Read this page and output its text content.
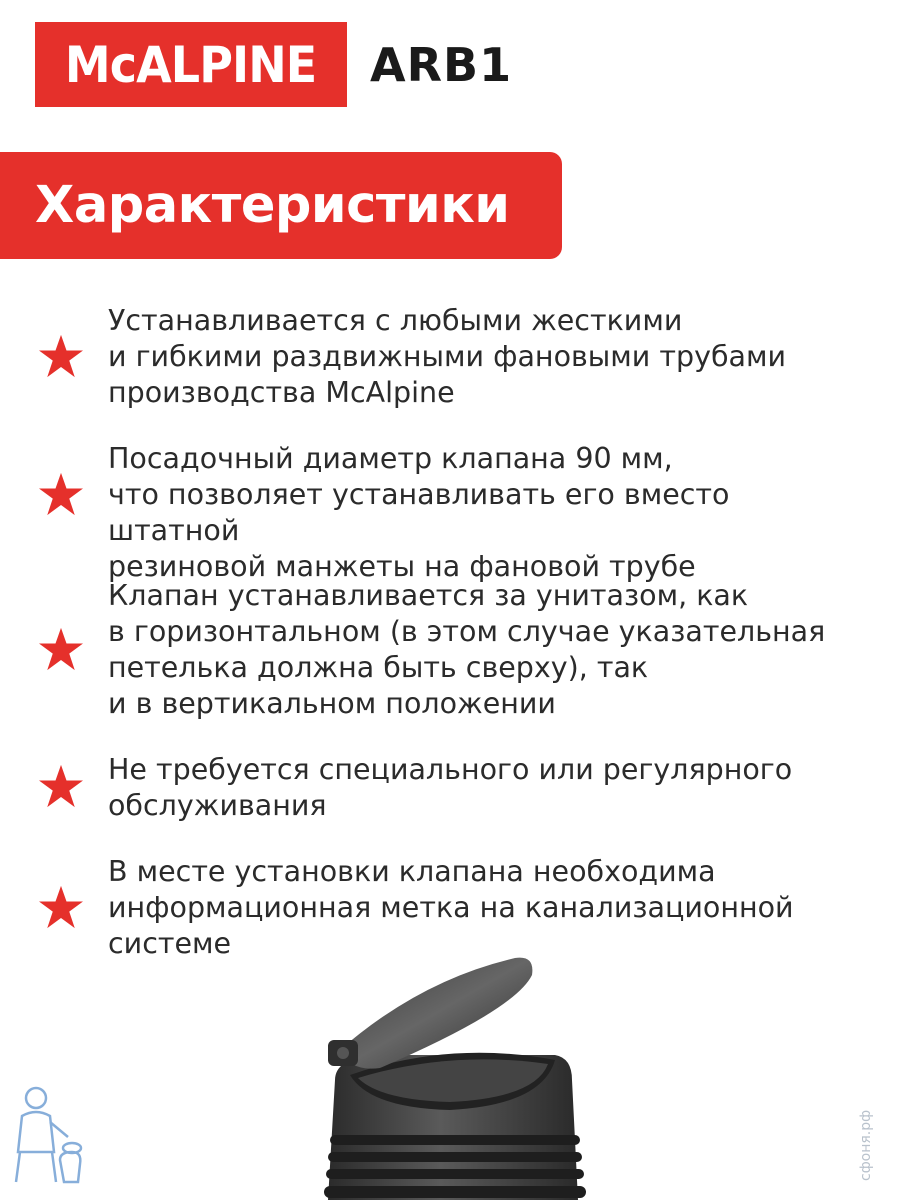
McALPINE ARB1
Характеристики
Устанавливается с любыми жесткими
и гибкими раздвижными фановыми трубами
производства McAlpine
Посадочный диаметр клапана 90 мм,
что позволяет устанавливать его вместо штатной
резиновой манжеты на фановой трубе
Клапан устанавливается за унитазом, как
в горизонтальном (в этом случае указательная
петелька должна быть сверху), так
и в вертикальном положении
Не требуется специального или регулярного
обслуживания
В месте установки клапана необходима
информационная метка на канализационной
системе
сфоня.рф
